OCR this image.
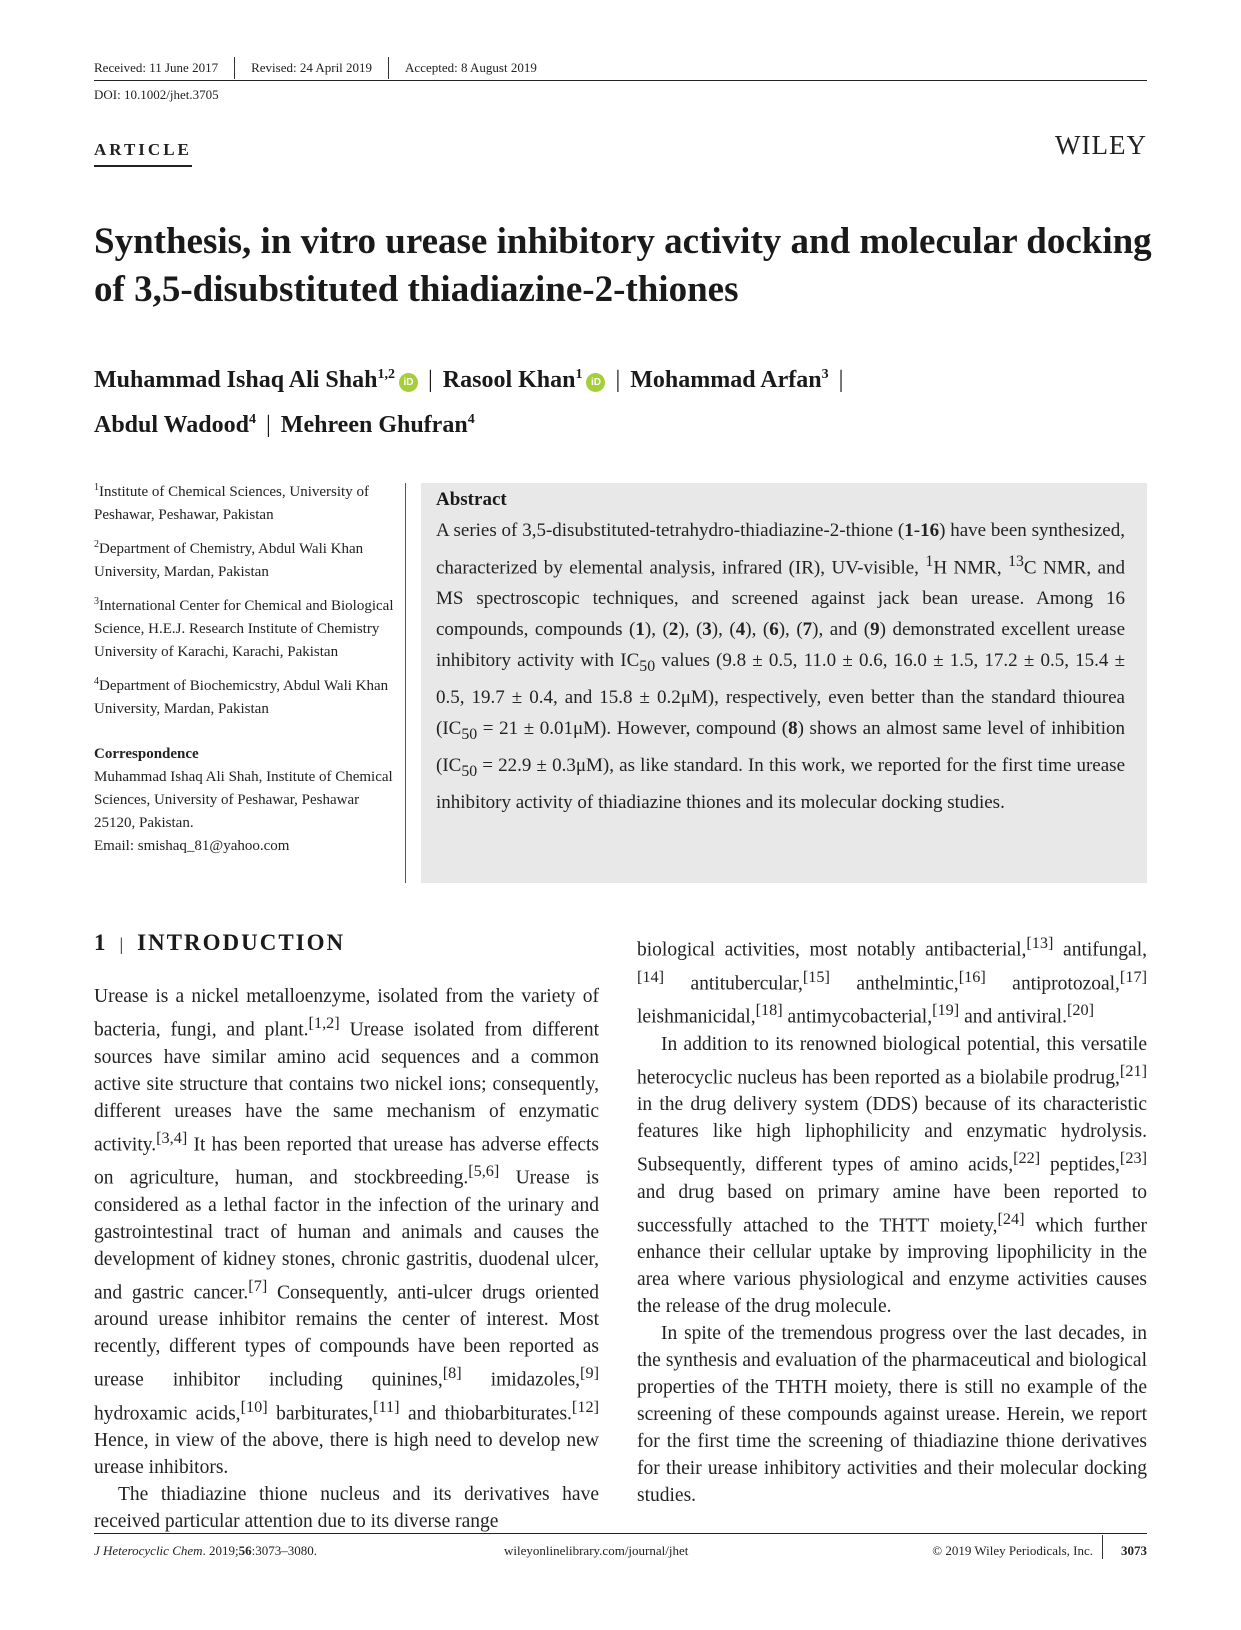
Received: 11 June 2017	Revised: 24 April 2019	Accepted: 8 August 2019
DOI: 10.1002/jhet.3705
ARTICLE	WILEY
Synthesis, in vitro urease inhibitory activity and molecular docking of 3,5-disubstituted thiadiazine-2-thiones
Muhammad Ishaq Ali Shah$^{1,2}$iD | Rasool Khan$^1$iD | Mohammad Arfan$^3$ |
Abdul Wadood$^4$ | Mehreen Ghufran$^4$
$^1$Institute of Chemical Sciences, University of Peshawar, Peshawar, Pakistan
$^2$Department of Chemistry, Abdul Wali Khan University, Mardan, Pakistan
$^3$International Center for Chemical and Biological Science, H.E.J. Research Institute of Chemistry University of Karachi, Karachi, Pakistan
$^4$Department of Biochemicstry, Abdul Wali Khan University, Mardan, Pakistan
Correspondence
Muhammad Ishaq Ali Shah, Institute of Chemical Sciences, University of Peshawar, Peshawar 25120, Pakistan.
Email: smishaq_81@yahoo.com
Abstract
A series of 3,5-disubstituted-tetrahydro-thiadiazine-2-thione (1-16) have been synthesized, characterized by elemental analysis, infrared (IR), UV-visible, $^1$H NMR, $^{13}$C NMR, and MS spectroscopic techniques, and screened against jack bean urease. Among 16 compounds, compounds (1), (2), (3), (4), (6), (7), and (9) demonstrated excellent urease inhibitory activity with $IC_{50}$ values (9.8 ± 0.5, 11.0 ± 0.6, 16.0 ± 1.5, 17.2 ± 0.5, 15.4 ± 0.5, 19.7 ± 0.4, and 15.8 ± 0.2μM), respectively, even better than the standard thiourea $(IC_{50} = 21 \pm 0.01\mu M)$. However, compound (8) shows an almost same level of inhibition $(IC_{50} = 22.9 \pm 0.3\mu M)$, as like standard. In this work, we reported for the first time urease inhibitory activity of thiadiazine thiones and its molecular docking studies.
1 | INTRODUCTION

Urease is a nickel metalloenzyme, isolated from the variety of bacteria, fungi, and plant.[1,2] Urease isolated from different sources have similar amino acid sequences and a common active site structure that contains two nickel ions; consequently, different ureases have the same mechanism of enzymatic activity.[3,4] It has been reported that urease has adverse effects on agriculture, human, and stockbreeding.[5,6] Urease is considered as a lethal factor in the infection of the urinary and gastrointestinal tract of human and animals and causes the development of kidney stones, chronic gastritis, duodenal ulcer, and gastric cancer.[7] Consequently, anti-ulcer drugs oriented around urease inhibitor remains the center of interest. Most recently, different types of compounds have been reported as urease inhibitor including quinines,[8] imidazoles,[9] hydroxamic acids,[10] barbiturates,[11] and thiobarbiturates.[12] Hence, in view of the above, there is high need to develop new urease inhibitors.

The thiadiazine thione nucleus and its derivatives have received particular attention due to its diverse range

biological activities, most notably antibacterial,[13] antifungal,[14] antitubercular,[15] anthelmintic,[16] antiprotozoal,[17] leishmanicidal,[18] antimycobacterial,[19] and antiviral.[20]

In addition to its renowned biological potential, this versatile heterocyclic nucleus has been reported as a biolabile prodrug,[21] in the drug delivery system (DDS) because of its characteristic features like high liphophilicity and enzymatic hydrolysis. Subsequently, different types of amino acids,[22] peptides,[23] and drug based on primary amine have been reported to successfully attached to the THTT moiety,[24] which further enhance their cellular uptake by improving lipophilicity in the area where various physiological and enzyme activities causes the release of the drug molecule.

In spite of the tremendous progress over the last decades, in the synthesis and evaluation of the pharmaceutical and biological properties of the THTH moiety, there is still no example of the screening of these compounds against urease. Herein, we report for the first time the screening of thiadiazine thione derivatives for their urease inhibitory activities and their molecular docking studies.

J Heterocyclic Chem. 2019;56:3073–3080.	wileyonlinelibrary.com/journal/jhet	© 2019 Wiley Periodicals, Inc. 3073
